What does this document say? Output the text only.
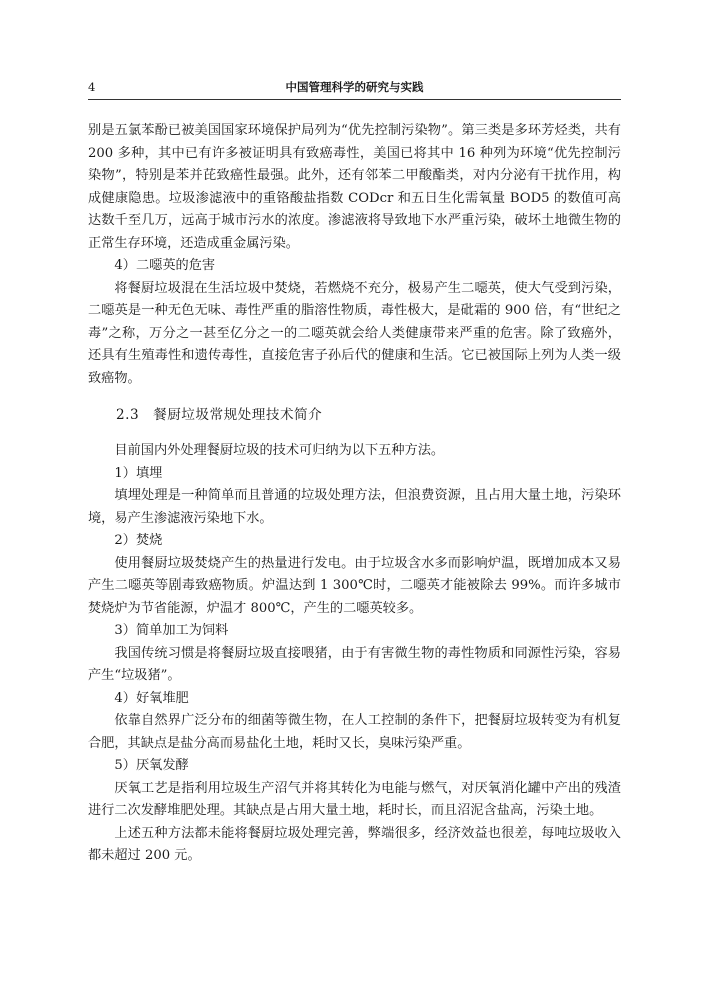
4	中国管理科学的研究与实践

别是五氯苯酚已被美国国家环境保护局列为“优先控制污染物”。第三类是多环芳烃类，共有 200 多种，其中已有许多被证明具有致癌毒性，美国已将其中 16 种列为环境“优先控制污染物”，特别是苯并芘致癌性最强。此外，还有邻苯二甲酸酯类，对内分泌有干扰作用，构成健康隐患。垃圾渗滤液中的重铬酸盐指数 CODcr 和五日生化需氧量 BOD5 的数值可高达数千至几万，远高于城市污水的浓度。渗滤液将导致地下水严重污染，破坏土地微生物的正常生存环境，还造成重金属污染。

4）二噁英的危害

将餐厨垃圾混在生活垃圾中焚烧，若燃烧不充分，极易产生二噁英，使大气受到污染，二噁英是一种无色无味、毒性严重的脂溶性物质，毒性极大，是砒霜的 900 倍，有“世纪之毒”之称，万分之一甚至亿分之一的二噁英就会给人类健康带来严重的危害。除了致癌外，还具有生殖毒性和遗传毒性，直接危害子孙后代的健康和生活。它已被国际上列为人类一级致癌物。

2.3 餐厨垃圾常规处理技术简介

目前国内外处理餐厨垃圾的技术可归纳为以下五种方法。

1）填埋

填埋处理是一种简单而且普通的垃圾处理方法，但浪费资源，且占用大量土地，污染环境，易产生渗滤液污染地下水。

2）焚烧

使用餐厨垃圾焚烧产生的热量进行发电。由于垃圾含水多而影响炉温，既增加成本又易产生二噁英等剧毒致癌物质。炉温达到 1 300℃时，二噁英才能被除去 99%。而许多城市焚烧炉为节省能源，炉温才 800℃，产生的二噁英较多。

3）简单加工为饲料

我国传统习惯是将餐厨垃圾直接喂猪，由于有害微生物的毒性物质和同源性污染，容易产生“垃圾猪”。

4）好氧堆肥

依靠自然界广泛分布的细菌等微生物，在人工控制的条件下，把餐厨垃圾转变为有机复合肥，其缺点是盐分高而易盐化土地，耗时又长，臭味污染严重。

5）厌氧发酵

厌氧工艺是指利用垃圾生产沼气并将其转化为电能与燃气，对厌氧消化罐中产出的残渣进行二次发酵堆肥处理。其缺点是占用大量土地，耗时长，而且沼泥含盐高，污染土地。

上述五种方法都未能将餐厨垃圾处理完善，弊端很多，经济效益也很差，每吨垃圾收入都未超过 200 元。
